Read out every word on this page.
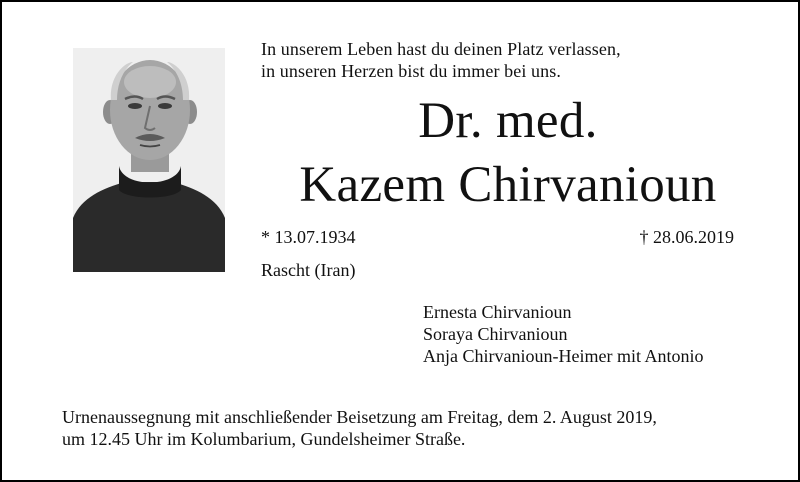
In unserem Leben hast du deinen Platz verlassen,
in unseren Herzen bist du immer bei uns.
Dr. med.
Kazem Chirvanioun
* 13.07.1934	† 28.06.2019
Rascht (Iran)
Ernesta Chirvanioun
Soraya Chirvanioun
Anja Chirvanioun-Heimer mit Antonio
Urnenaussegnung mit anschließender Beisetzung am Freitag, dem 2. August 2019,
um 12.45 Uhr im Kolumbarium, Gundelsheimer Straße.
